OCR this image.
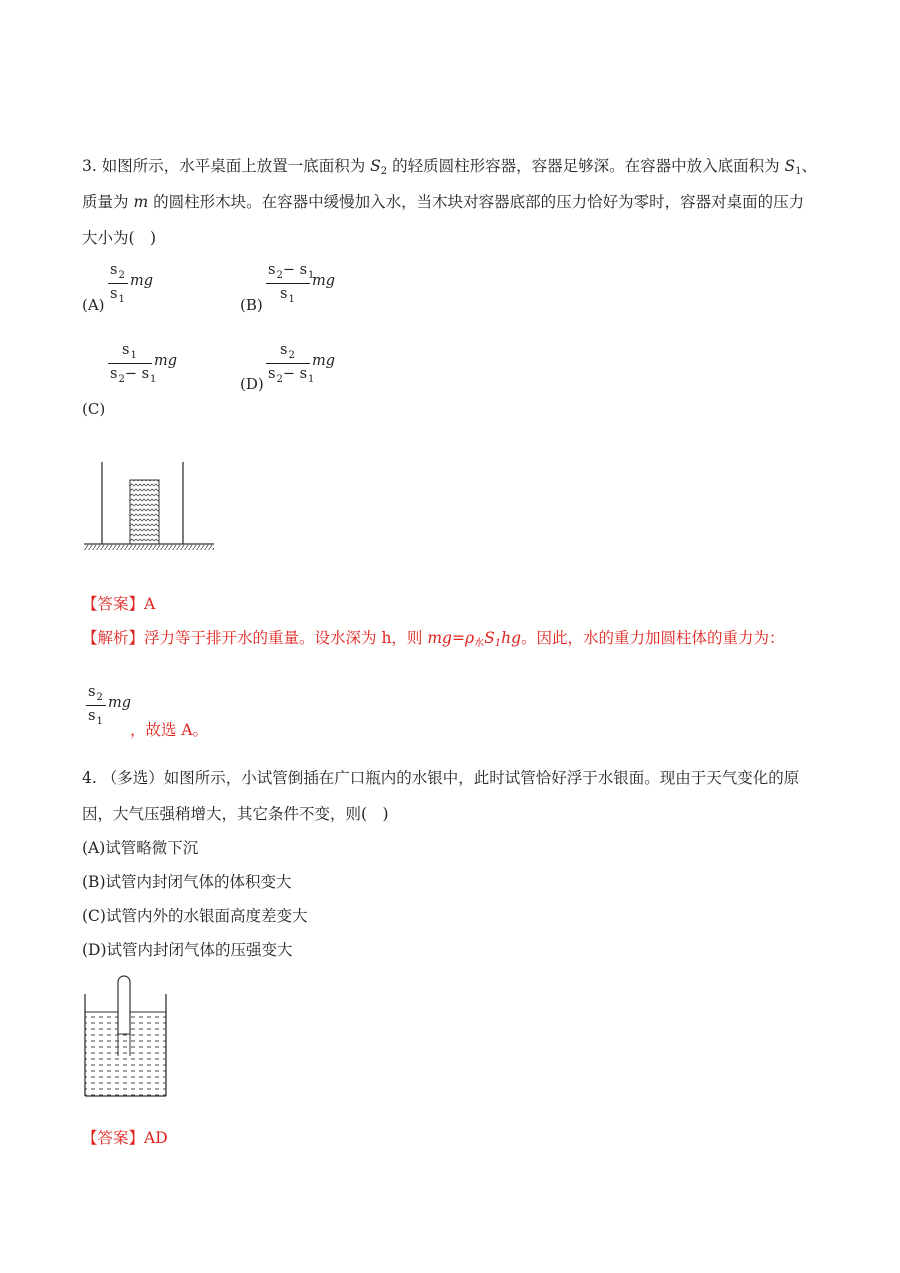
3. 如图所示，水平桌面上放置一底面积为 $S_2$ 的轻质圆柱形容器，容器足够深。在容器中放入底面积为 $S_1$、
质量为 m 的圆柱形木块。在容器中缓慢加入水，当木块对容器底部的压力恰好为零时，容器对桌面的压力
大小为(　)
(A)
$s_2$
$s_1$
mg
(B)
$s_2- s_1$
$s_1$
mg
$s_1$
$s_2- s_1$
mg
(C)
(D)
$s_2$
$s_2- s_1$
mg
【答案】A
【解析】浮力等于排开水的重量。设水深为 h，则 $mg=\rho_水S_1hg$。因此，水的重力加圆柱体的重力为：
$s_2$
$s_1$
mg
，故选 A。
4. （多选）如图所示，小试管倒插在广口瓶内的水银中，此时试管恰好浮于水银面。现由于天气变化的原
因，大气压强稍增大，其它条件不变，则(　)
(A)试管略微下沉
(B)试管内封闭气体的体积变大
(C)试管内外的水银面高度差变大
(D)试管内封闭气体的压强变大
【答案】AD
